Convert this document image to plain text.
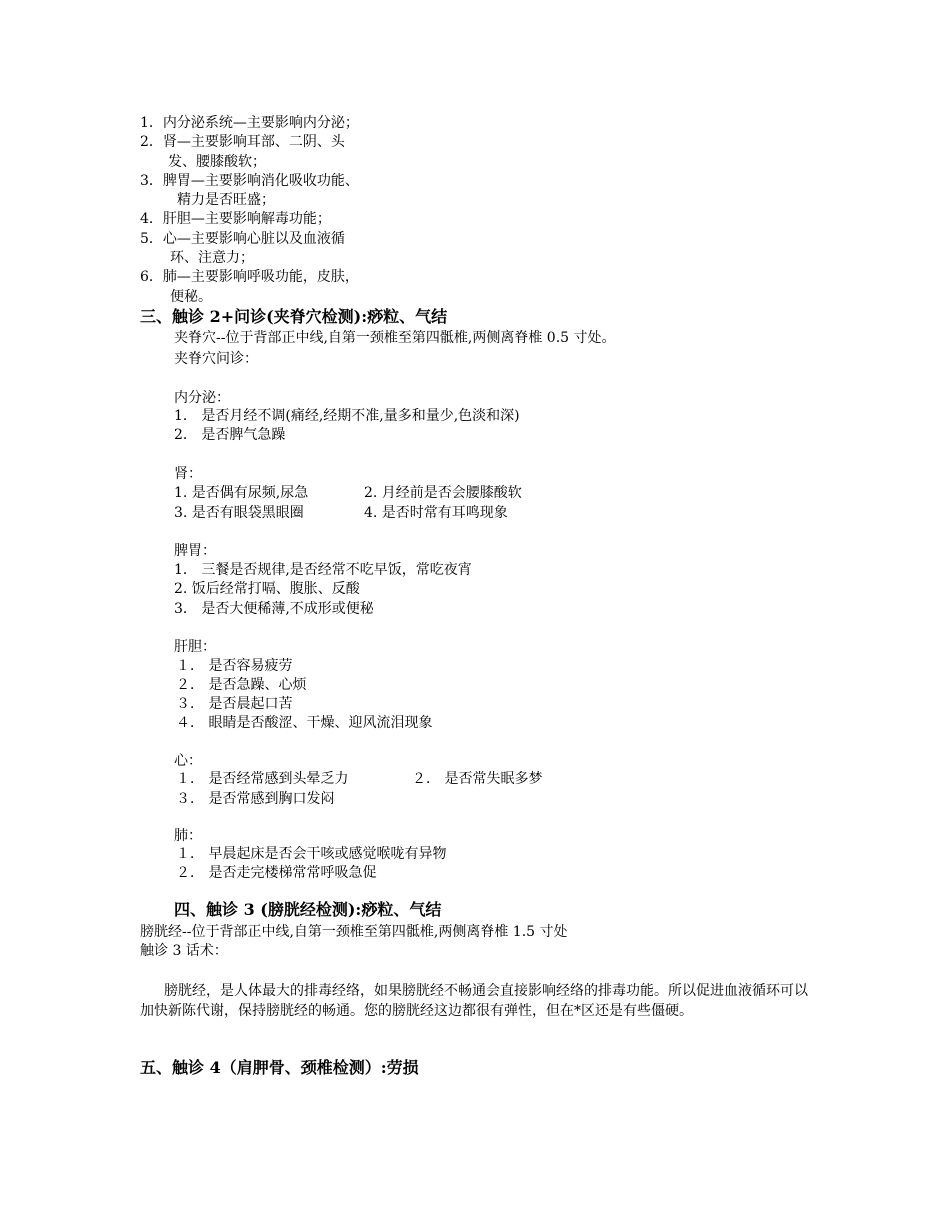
1．内分泌系统—主要影响内分泌；
2．肾—主要影响耳部、二阴、头
发、腰膝酸软；
3．脾胃—主要影响消化吸收功能、
精力是否旺盛；
4．肝胆—主要影响解毒功能；
5．心—主要影响心脏以及血液循
环、注意力；
6．肺—主要影响呼吸功能，皮肤，
便秘。
三、触诊 2+问诊(夹脊穴检测):痧粒、气结
夹脊穴--位于背部正中线,自第一颈椎至第四骶椎,两侧离脊椎 0.5 寸处。
夹脊穴问诊：
内分泌：
1． 是否月经不调(痛经,经期不准,量多和量少,色淡和深)
2． 是否脾气急躁
肾：
1. 是否偶有尿频,尿急	2. 月经前是否会腰膝酸软
3. 是否有眼袋黑眼圈	4. 是否时常有耳鸣现象
脾胃：
1． 三餐是否规律,是否经常不吃早饭，常吃夜宵
2. 饭后经常打嗝、腹胀、反酸
3． 是否大便稀薄,不成形或便秘
肝胆：
１． 是否容易疲劳
２． 是否急躁、心烦
３． 是否晨起口苦
４． 眼睛是否酸涩、干燥、迎风流泪现象
心：
１． 是否经常感到头晕乏力	２． 是否常失眠多梦
３． 是否常感到胸口发闷
肺：
１． 早晨起床是否会干咳或感觉喉咙有异物
２． 是否走完楼梯常常呼吸急促
四、触诊 3 (膀胱经检测):痧粒、气结
膀胱经--位于背部正中线,自第一颈椎至第四骶椎,两侧离脊椎 1.5 寸处
触诊 3 话术：
膀胱经，是人体最大的排毒经络，如果膀胱经不畅通会直接影响经络的排毒功能。所以促进血液循环可以加快新陈代谢，保持膀胱经的畅通。您的膀胱经这边都很有弹性，但在*区还是有些僵硬。
五、触诊 4（肩胛骨、颈椎检测）:劳损
